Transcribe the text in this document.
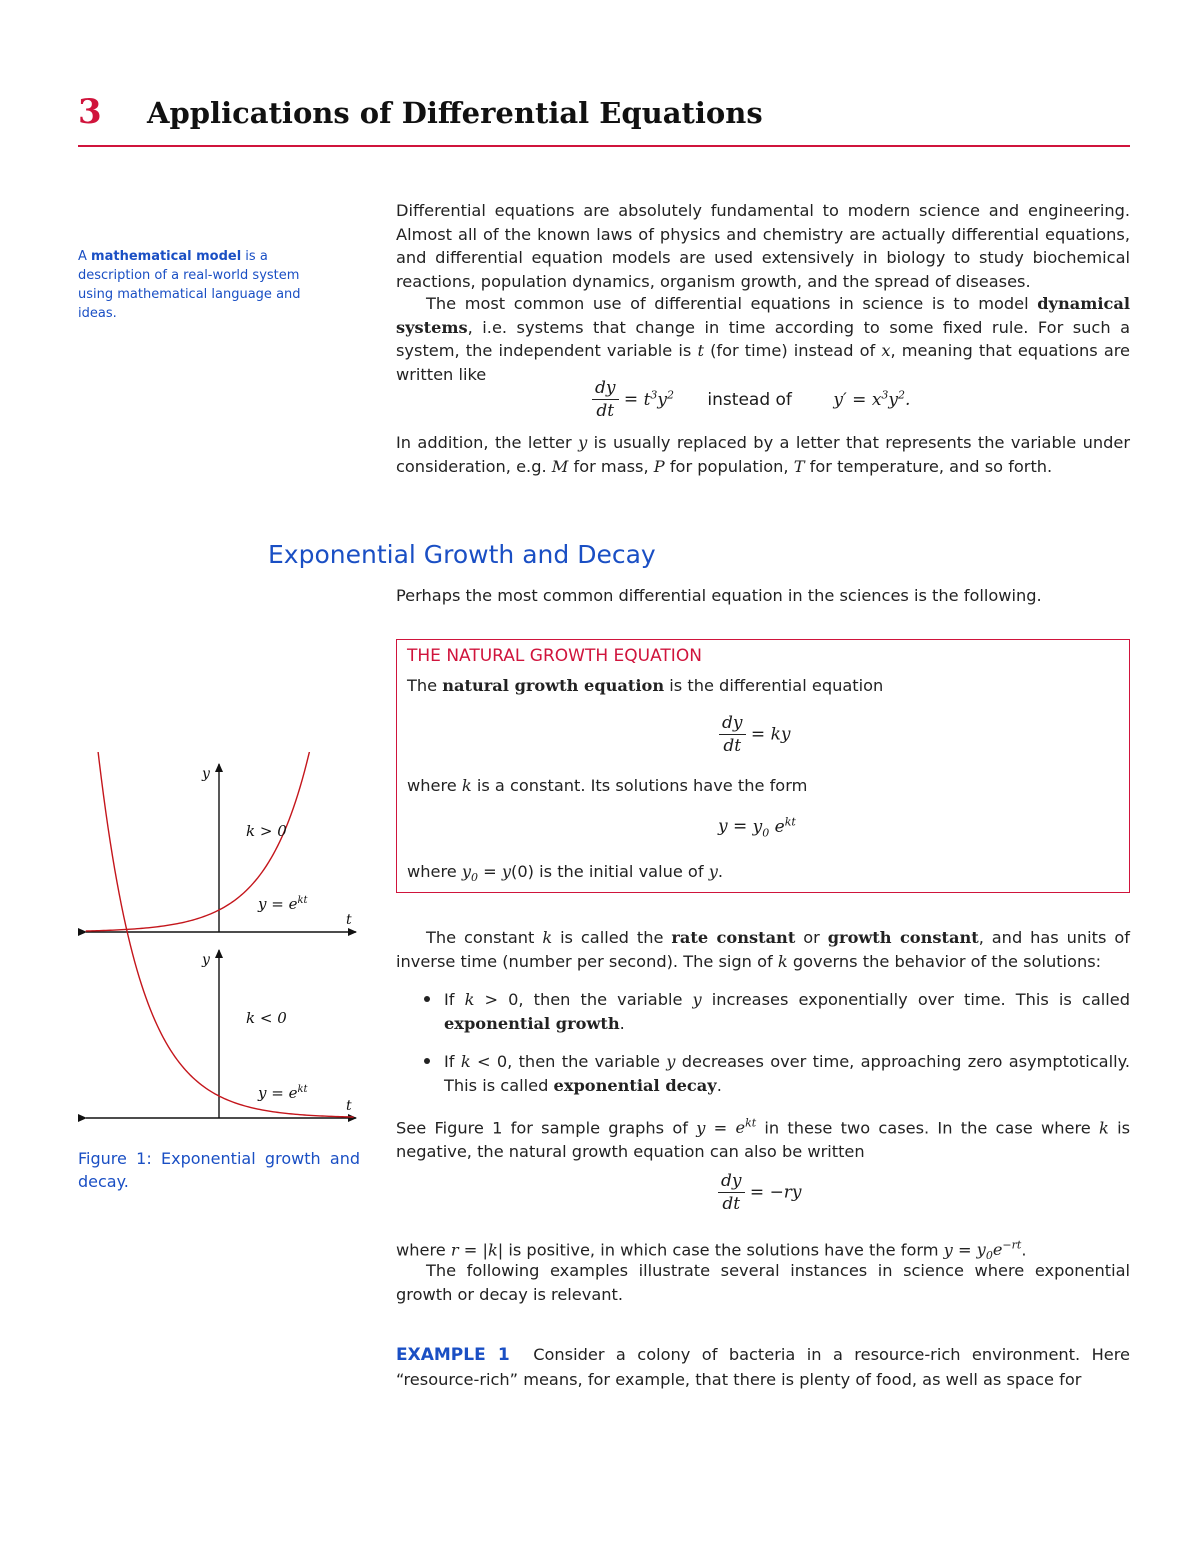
3 Applications of Differential Equations
A mathematical model is a description of a real-world system using mathematical language and ideas.
Differential equations are absolutely fundamental to modern science and engineering. Almost all of the known laws of physics and chemistry are actually differential equations, and differential equation models are used extensively in biology to study biochemical reactions, population dynamics, organism growth, and the spread of diseases.
The most common use of differential equations in science is to model dynamical systems, i.e. systems that change in time according to some fixed rule. For such a system, the independent variable is t (for time) instead of x, meaning that equations are written like
$\frac{dy}{dt} = t^3y^2$ instead of $y' = x^3y^2$.
In addition, the letter y is usually replaced by a letter that represents the variable under consideration, e.g. M for mass, P for population, T for temperature, and so forth.
Exponential Growth and Decay
Perhaps the most common differential equation in the sciences is the following.
THE NATURAL GROWTH EQUATION
The natural growth equation is the differential equation
$\frac{dy}{dt}$ = ky
where k is a constant. Its solutions have the form
$y = y_0$ $e^{kt}$
where $y_0 = y(0)$ is the initial value of y.
The constant k is called the rate constant or growth constant, and has units of inverse time (number per second). The sign of k governs the behavior of the solutions:
If k > 0, then the variable y increases exponentially over time. This is called exponential growth.
If k < 0, then the variable y decreases over time, approaching zero asymptotically. This is called exponential decay.
See Figure 1 for sample graphs of $y = e^{kt}$ in these two cases. In the case where k is negative, the natural growth equation can also be written
$\frac{dy}{dt} = -ry$
where r = |k| is positive, in which case the solutions have the form $y = y_0e^{-rt}$.
The following examples illustrate several instances in science where exponential growth or decay is relevant.
EXAMPLE 1 Consider a colony of bacteria in a resource-rich environment. Here “resource-rich” means, for example, that there is plenty of food, as well as space for
y
t
k > 0
$y = e^{kt}$
y
t
k < 0
$y = e^{kt}$
Figure 1: Exponential growth and decay.
